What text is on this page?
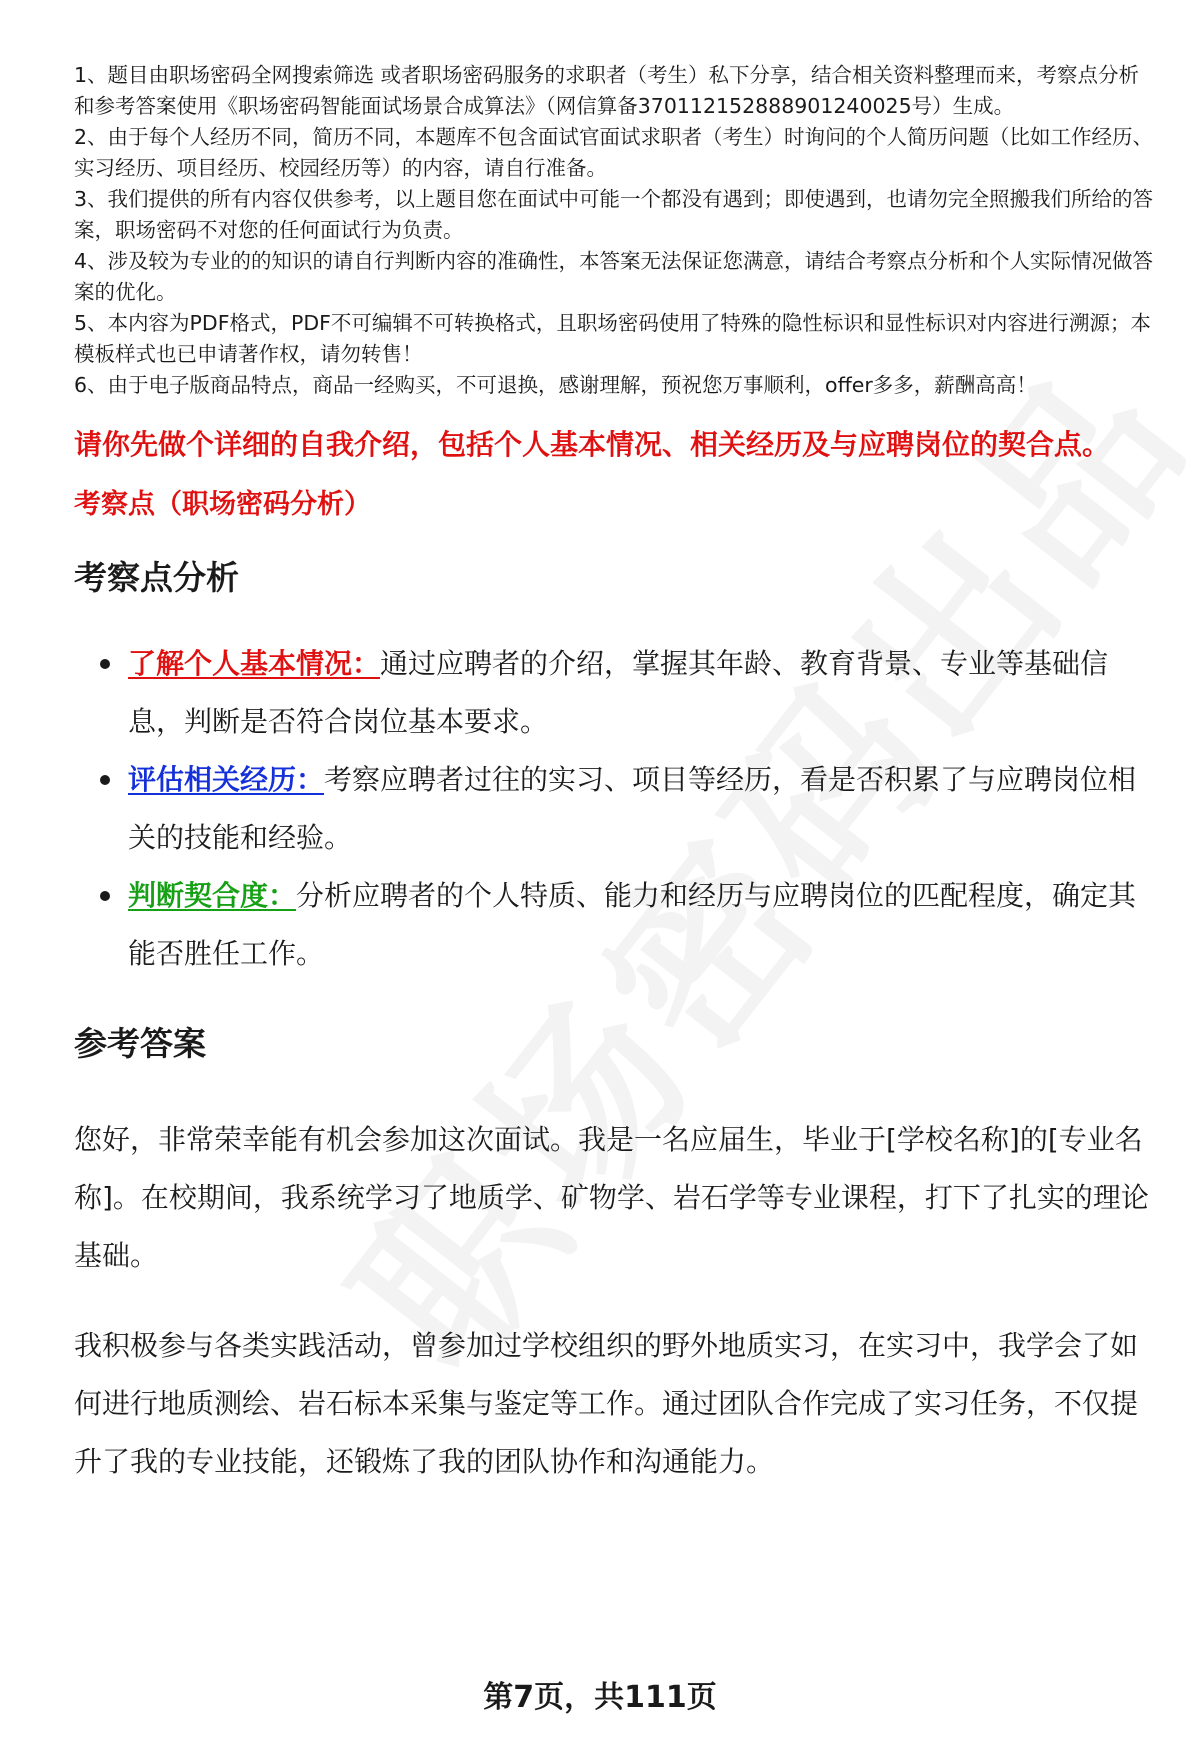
1、题目由职场密码全网搜索筛选 或者职场密码服务的求职者（考生）私下分享，结合相关资料整理而来，考察点分析和参考答案使用《职场密码智能面试场景合成算法》（网信算备370112152888901240025号）生成。

2、由于每个人经历不同，简历不同，本题库不包含面试官面试求职者（考生）时询问的个人简历问题（比如工作经历、实习经历、项目经历、校园经历等）的内容，请自行准备。

3、我们提供的所有内容仅供参考，以上题目您在面试中可能一个都没有遇到；即使遇到，也请勿完全照搬我们所给的答案，职场密码不对您的任何面试行为负责。

4、涉及较为专业的的知识的请自行判断内容的准确性，本答案无法保证您满意，请结合考察点分析和个人实际情况做答案的优化。

5、本内容为PDF格式，PDF不可编辑不可转换格式，且职场密码使用了特殊的隐性标识和显性标识对内容进行溯源；本模板样式也已申请著作权，请勿转售！

6、由于电子版商品特点，商品一经购买，不可退换，感谢理解，预祝您万事顺利，offer多多，薪酬高高！

请你先做个详细的自我介绍，包括个人基本情况、相关经历及与应聘岗位的契合点。
考察点（职场密码分析）
考察点分析
了解个人基本情况：通过应聘者的介绍，掌握其年龄、教育背景、专业等基础信息，判断是否符合岗位基本要求。
评估相关经历：考察应聘者过往的实习、项目等经历，看是否积累了与应聘岗位相关的技能和经验。
判断契合度：分析应聘者的个人特质、能力和经历与应聘岗位的匹配程度，确定其能否胜任工作。
参考答案

您好，非常荣幸能有机会参加这次面试。我是一名应届生，毕业于[学校名称]的[专业名称]。在校期间，我系统学习了地质学、矿物学、岩石学等专业课程，打下了扎实的理论基础。

我积极参与各类实践活动，曾参加过学校组织的野外地质实习，在实习中，我学会了如何进行地质测绘、岩石标本采集与鉴定等工作。通过团队合作完成了实习任务，不仅提升了我的专业技能，还锻炼了我的团队协作和沟通能力。

第7页，共111页
